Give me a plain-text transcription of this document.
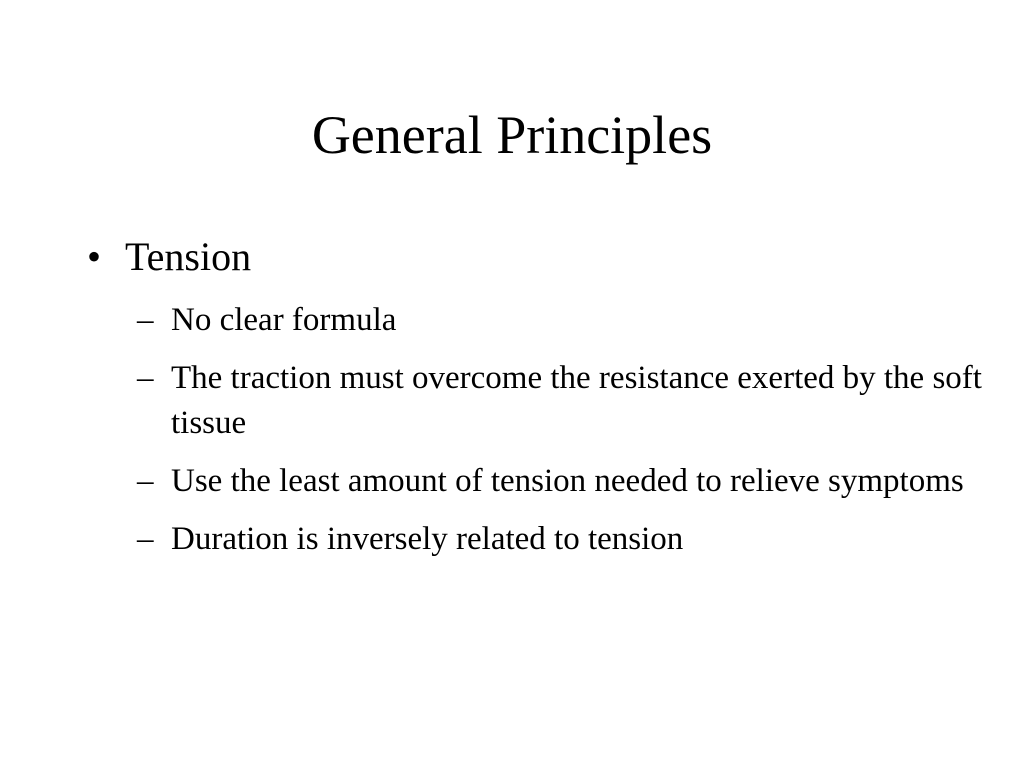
General Principles
• Tension
– No clear formula
– The traction must overcome the resistance exerted by the soft tissue
– Use the least amount of tension needed to relieve symptoms
– Duration is inversely related to tension
